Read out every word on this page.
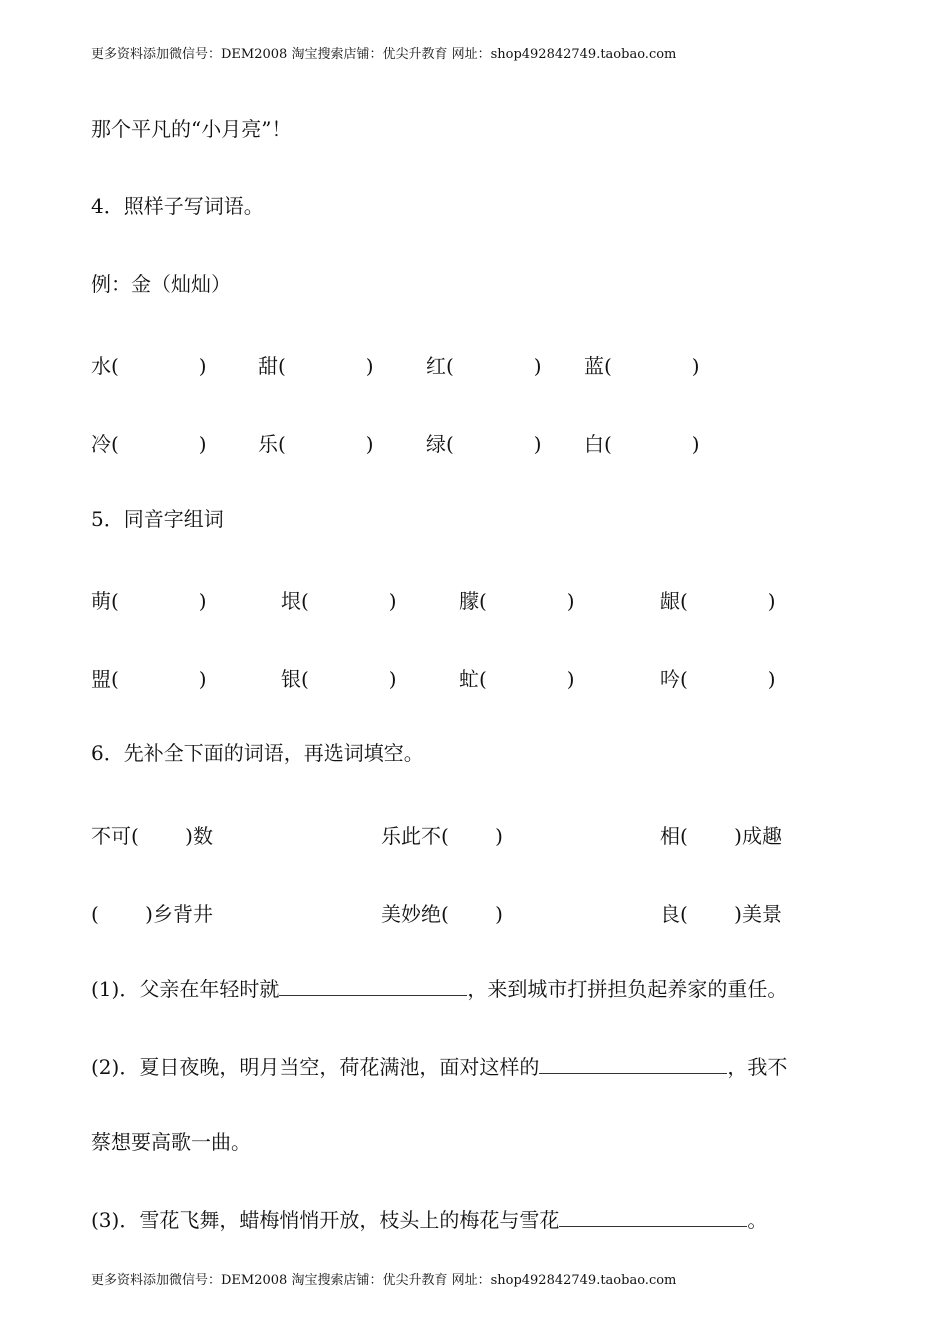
更多资料添加微信号：DEM2008 淘宝搜索店铺：优尖升教育 网址：shop492842749.taobao.com
那个平凡的“小月亮”！
4．照样子写词语。
例：金（灿灿）
水(　　　　)	甜(　　　　)	红(　　　　) 蓝(　　　　)
冷(　　　　)	乐(　　　　)	绿(　　　　) 白(　　　　)
5．同音字组词
萌(　　　　)	垠(　　　　)	朦(　　　　)	龈(　　　　)
盟(　　　　)	银(　　　　)	虻(　　　　)	吟(　　　　)
6．先补全下面的词语，再选词填空。
不可(　　 )数	乐此不(　　 )	相(　　 )成趣
(　　 )乡背井	美妙绝(　　 )	良(　　 )美景
(1)．父亲在年轻时就	，来到城市打拼担负起养家的重任。
(2)．夏日夜晚，明月当空，荷花满池，面对这样的	，我不
蔡想要高歌一曲。
(3)．雪花飞舞，蜡梅悄悄开放，枝头上的梅花与雪花	。
更多资料添加微信号：DEM2008 淘宝搜索店铺：优尖升教育 网址：shop492842749.taobao.com
